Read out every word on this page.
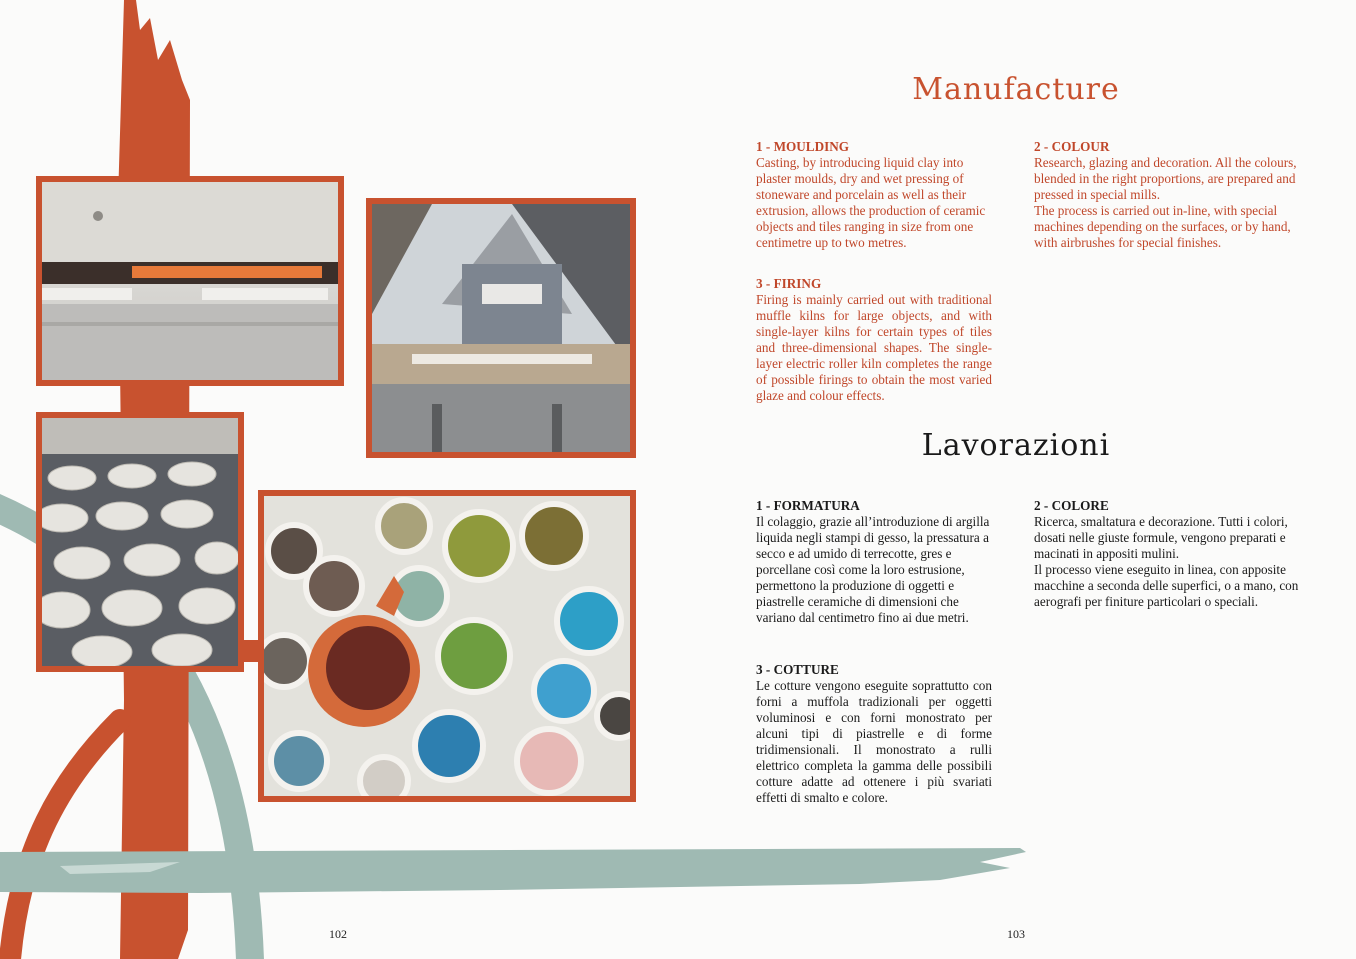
Manufacture
1 - MOULDING

Casting, by introducing liquid clay into plaster moulds, dry and wet pressing of stoneware and porcelain as well as their extrusion, allows the production of ceramic objects and tiles ranging in size from one centimetre up to two metres.

2 - COLOUR

Research, glazing and decoration. All the colours, blended in the right proportions, are prepared and pressed in special mills.

The process is carried out in-line, with special machines depending on the surfaces, or by hand, with airbrushes for special finishes.

3 - FIRING

Firing is mainly carried out with traditional muffle kilns for large objects, and with single-layer kilns for certain types of tiles and three-dimensional shapes. The single-layer electric roller kiln completes the range of possible firings to obtain the most varied glaze and colour effects.

Lavorazioni
1 - FORMATURA

Il colaggio, grazie all’introduzione di argilla liquida negli stampi di gesso, la pressatura a secco e ad umido di terrecotte, gres e porcellane così come la loro estrusione, permettono la produzione di oggetti e piastrelle ceramiche di dimensioni che variano dal centimetro fino ai due metri.

2 - COLORE

Ricerca, smaltatura e decorazione. Tutti i colori, dosati nelle giuste formule, vengono preparati e macinati in appositi mulini.

Il processo viene eseguito in linea, con apposite macchine a seconda delle superfici, o a mano, con aerografi per finiture particolari o speciali.

3 - COTTURE

Le cotture vengono eseguite soprattutto con forni a muffola tradizionali per oggetti voluminosi e con forni monostrato per alcuni tipi di piastrelle e di forme tridimensionali. Il monostrato a rulli elettrico completa la gamma delle possibili cotture adatte ad ottenere i più svariati effetti di smalto e colore.

102	103
